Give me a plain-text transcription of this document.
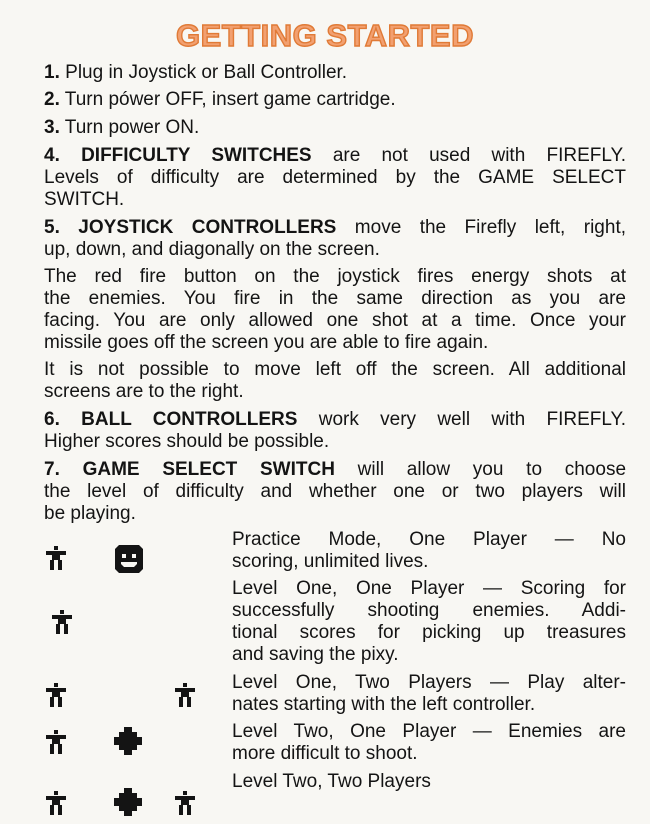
GETTING STARTED
1. Plug in Joystick or Ball Controller.
2. Turn pówer OFF, insert game cartridge.
3. Turn power ON.
4. DIFFICULTY SWITCHES are not used with FIREFLY.
Levels of difficulty are determined by the GAME SELECT
SWITCH.
5. JOYSTICK CONTROLLERS move the Firefly left, right,
up, down, and diagonally on the screen.
The red fire button on the joystick fires energy shots at
the enemies. You fire in the same direction as you are
facing. You are only allowed one shot at a time. Once your
missile goes off the screen you are able to fire again.
It is not possible to move left off the screen. All additional
screens are to the right.
6. BALL CONTROLLERS work very well with FIREFLY.
Higher scores should be possible.
7. GAME SELECT SWITCH will allow you to choose
the level of difficulty and whether one or two players will
be playing.
Practice Mode, One Player — No
scoring, unlimited lives.
Level One, One Player — Scoring for
successfully shooting enemies. Addi-
tional scores for picking up treasures
and saving the pixy.
Level One, Two Players — Play alter-
nates starting with the left controller.
Level Two, One Player — Enemies are
more difficult to shoot.
Level Two, Two Players
